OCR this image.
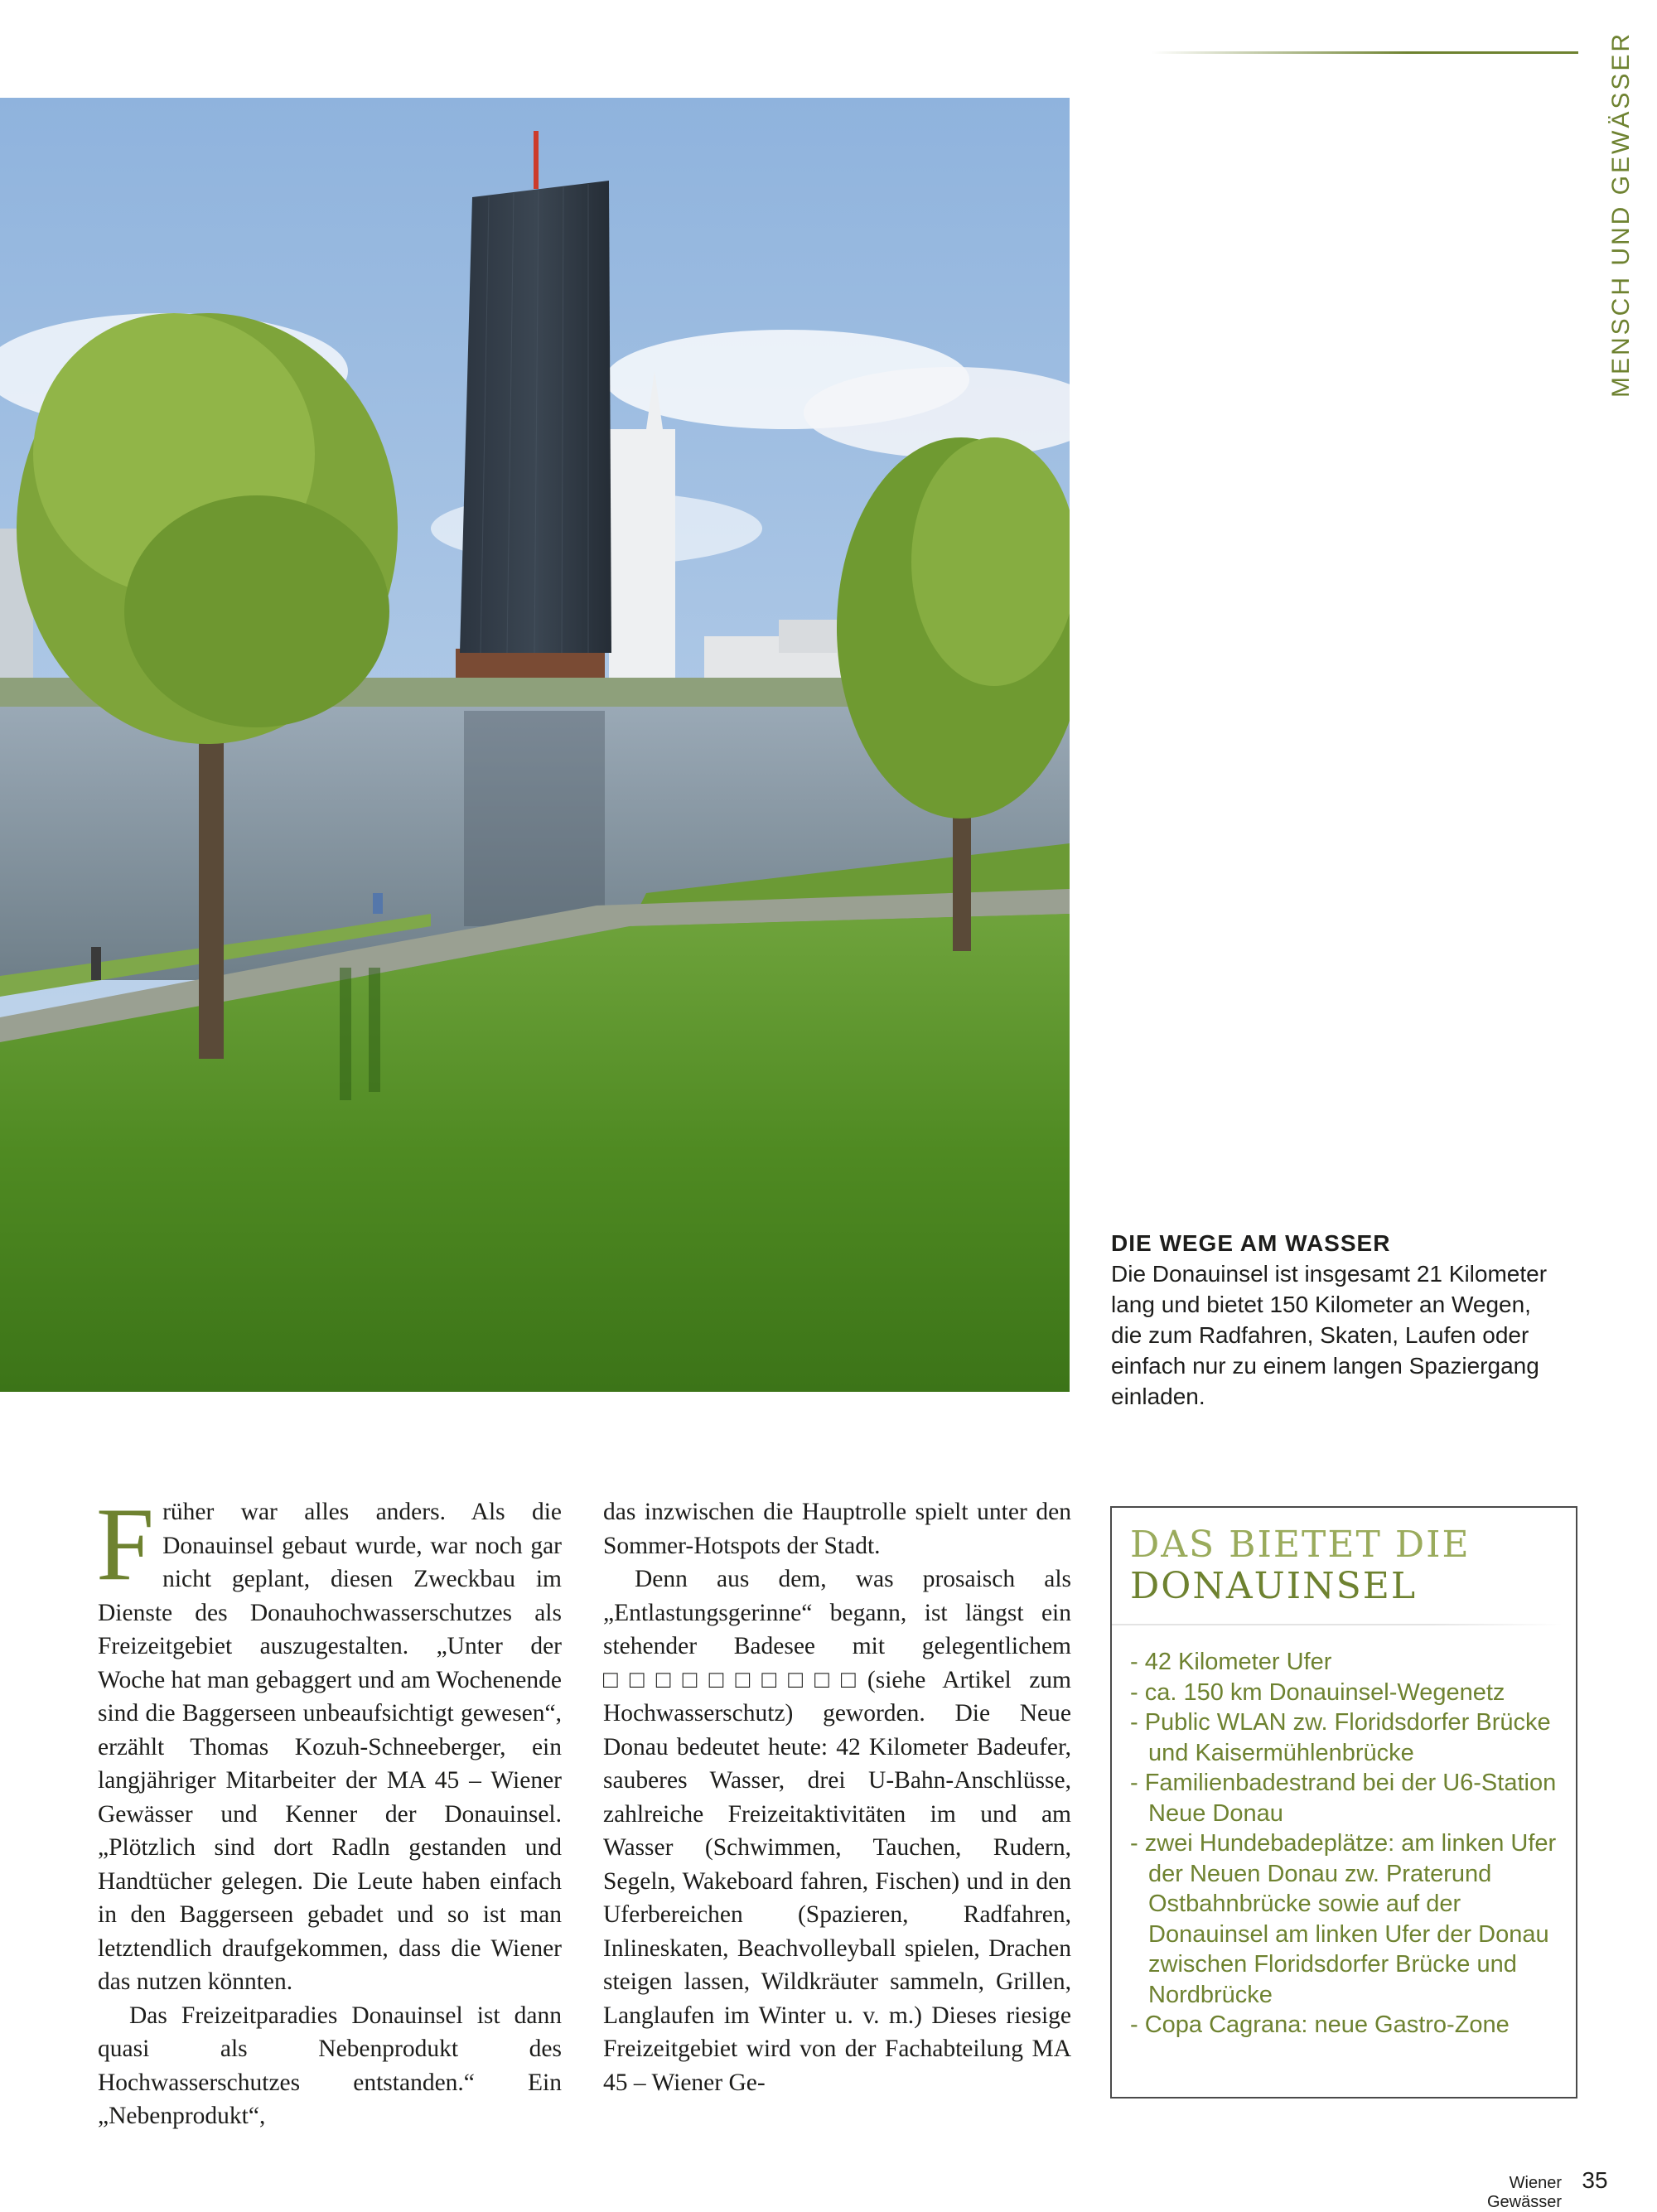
MENSCH UND GEWÄSSER
DIE WEGE AM WASSER
Die Donauinsel ist insgesamt 21 Kilometer lang und bietet 150 Kilometer an Wegen, die zum Radfahren, Skaten, Laufen oder einfach nur zu einem langen Spaziergang einladen.

Früher war alles anders. Als die Donauinsel gebaut wurde, war noch gar nicht geplant, diesen Zweckbau im Dienste des Donauhochwasserschutzes als Freizeitgebiet auszugestalten. „Unter der Woche hat man gebaggert und am Wochenende sind die Baggerseen unbeaufsichtigt gewesen“, erzählt Thomas Kozuh-Schneeberger, ein langjähriger Mitarbeiter der MA 45 – Wiener Gewässer und Kenner der Donauinsel. „Plötzlich sind dort Radln gestanden und Handtücher gelegen. Die Leute haben einfach in den Baggerseen gebadet und so ist man letztendlich draufgekommen, dass die Wiener das nutzen könnten.

Das Freizeitparadies Donauinsel ist dann quasi als Nebenprodukt des Hochwasserschutzes entstanden.“ Ein „Nebenprodukt“,

das inzwischen die Hauptrolle spielt unter den Sommer-Hotspots der Stadt.

Denn aus dem, was prosaisch als „Entlastungsgerinne“ begann, ist längst ein stehender Badesee mit gelegentlichem □□□□□□□□□□(siehe Artikel zum Hochwasserschutz) geworden. Die Neue Donau bedeutet heute: 42 Kilometer Badeufer, sauberes Wasser, drei U-Bahn-Anschlüsse, zahlreiche Freizeitaktivitäten im und am Wasser (Schwimmen, Tauchen, Rudern, Segeln, Wakeboard fahren, Fischen) und in den Uferbereichen (Spazieren, Radfahren, Inlineskaten, Beachvolleyball spielen, Drachen steigen lassen, Wildkräuter sammeln, Grillen, Langlaufen im Winter u. v. m.) Dieses riesige Freizeitgebiet wird von der Fachabteilung MA 45 – Wiener Ge-

DAS BIETET DIE
DONAUINSEL
- 42 Kilometer Ufer
- ca. 150 km Donauinsel-Wegenetz
- Public WLAN zw. Floridsdorfer Brücke und Kaisermühlenbrücke
- Familienbadestrand bei der U6-Station Neue Donau
- zwei Hundebadeplätze: am linken Ufer der Neuen Donau zw. Praterund Ostbahnbrücke sowie auf der Donauinsel am linken Ufer der Donau zwischen Floridsdorfer Brücke und Nordbrücke
- Copa Cagrana: neue Gastro-Zone
Wiener Gewässer
35
